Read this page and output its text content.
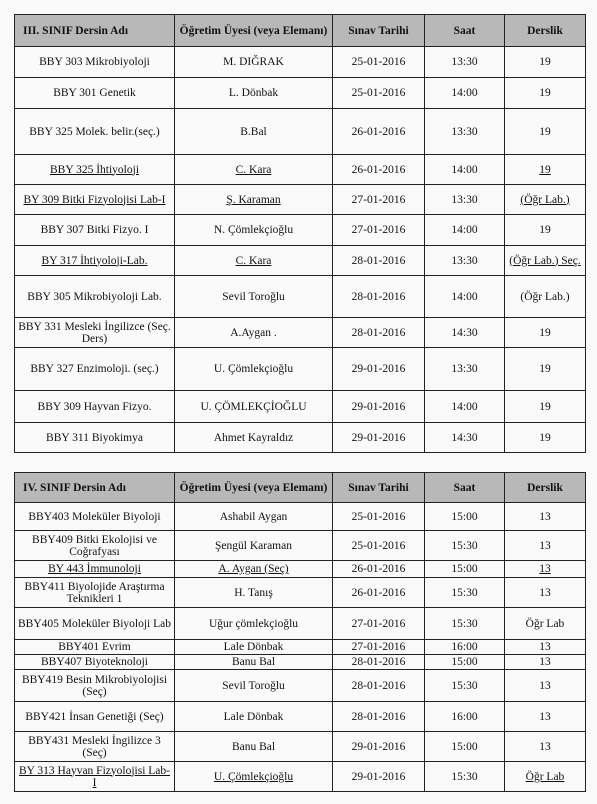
III. SINIF Dersin Adı	Öğretim Üyesi (veya Elemanı)	Sınav Tarihi	Saat	Derslik

BBY 303 Mikrobiyoloji	M. DIĞRAK	25-01-2016	13:30	19

BBY 301 Genetik	L. Dönbak	25-01-2016	14:00	19

BBY 325 Molek. belir.(seç.)	B.Bal	26-01-2016	13:30	19

BBY 325 İhtiyoloji	C. Kara	26-01-2016	14:00	19

BY 309 Bitki Fizyolojisi Lab-I	Ş. Karaman	27-01-2016	13:30	(Öğr Lab.)

BBY 307 Bitki Fizyo. I	N. Çömlekçioğlu	27-01-2016	14:00	19

BY 317 İhtiyoloji-Lab.	C. Kara	28-01-2016	13:30	(Öğr Lab.) Seç.

BBY 305 Mikrobiyoloji Lab.	Sevil Toroğlu	28-01-2016	14:00	(Öğr Lab.)

BBY 331 Mesleki İngilizce (Seç. Ders)	A.Aygan .	28-01-2016	14:30	19

BBY 327 Enzimoloji. (seç.)	U. Çömlekçioğlu	29-01-2016	13:30	19

BBY 309 Hayvan Fizyo.	U. ÇÖMLEKÇİOĞLU	29-01-2016	14:00	19

BBY 311 Biyokimya	Ahmet Kayraldız	29-01-2016	14:30	19
IV. SINIF Dersin Adı	Öğretim Üyesi (veya Elemanı)	Sınav Tarihi	Saat	Derslik

BBY403 Moleküler Biyoloji	Ashabil Aygan	25-01-2016	15:00	13

BBY409 Bitki Ekolojisi ve Coğrafyası	Şengül Karaman	25-01-2016	15:30	13

BY 443 İmmunoloji	A. Aygan (Seç)	26-01-2016	15:00	13

BBY411 Biyolojide Araştırma Teknikleri 1	H. Tanış	26-01-2016	15:30	13

BBY405 Moleküler Biyoloji Lab	Uğur çömlekçioğlu	27-01-2016	15:30	Öğr Lab

BBY401 Evrim	Lale Dönbak	27-01-2016	16:00	13

BBY407 Biyoteknoloji	Banu Bal	28-01-2016	15:00	13

BBY419 Besin Mikrobiyolojisi (Seç)	Sevil Toroğlu	28-01-2016	15:30	13

BBY421 İnsan Genetiği (Seç)	Lale Dönbak	28-01-2016	16:00	13

BBY431 Mesleki İngilizce 3 (Seç)	Banu Bal	29-01-2016	15:00	13

BY 313 Hayvan Fizyolojisi Lab-I	U. Çömlekçioğlu	29-01-2016	15:30	Öğr Lab
